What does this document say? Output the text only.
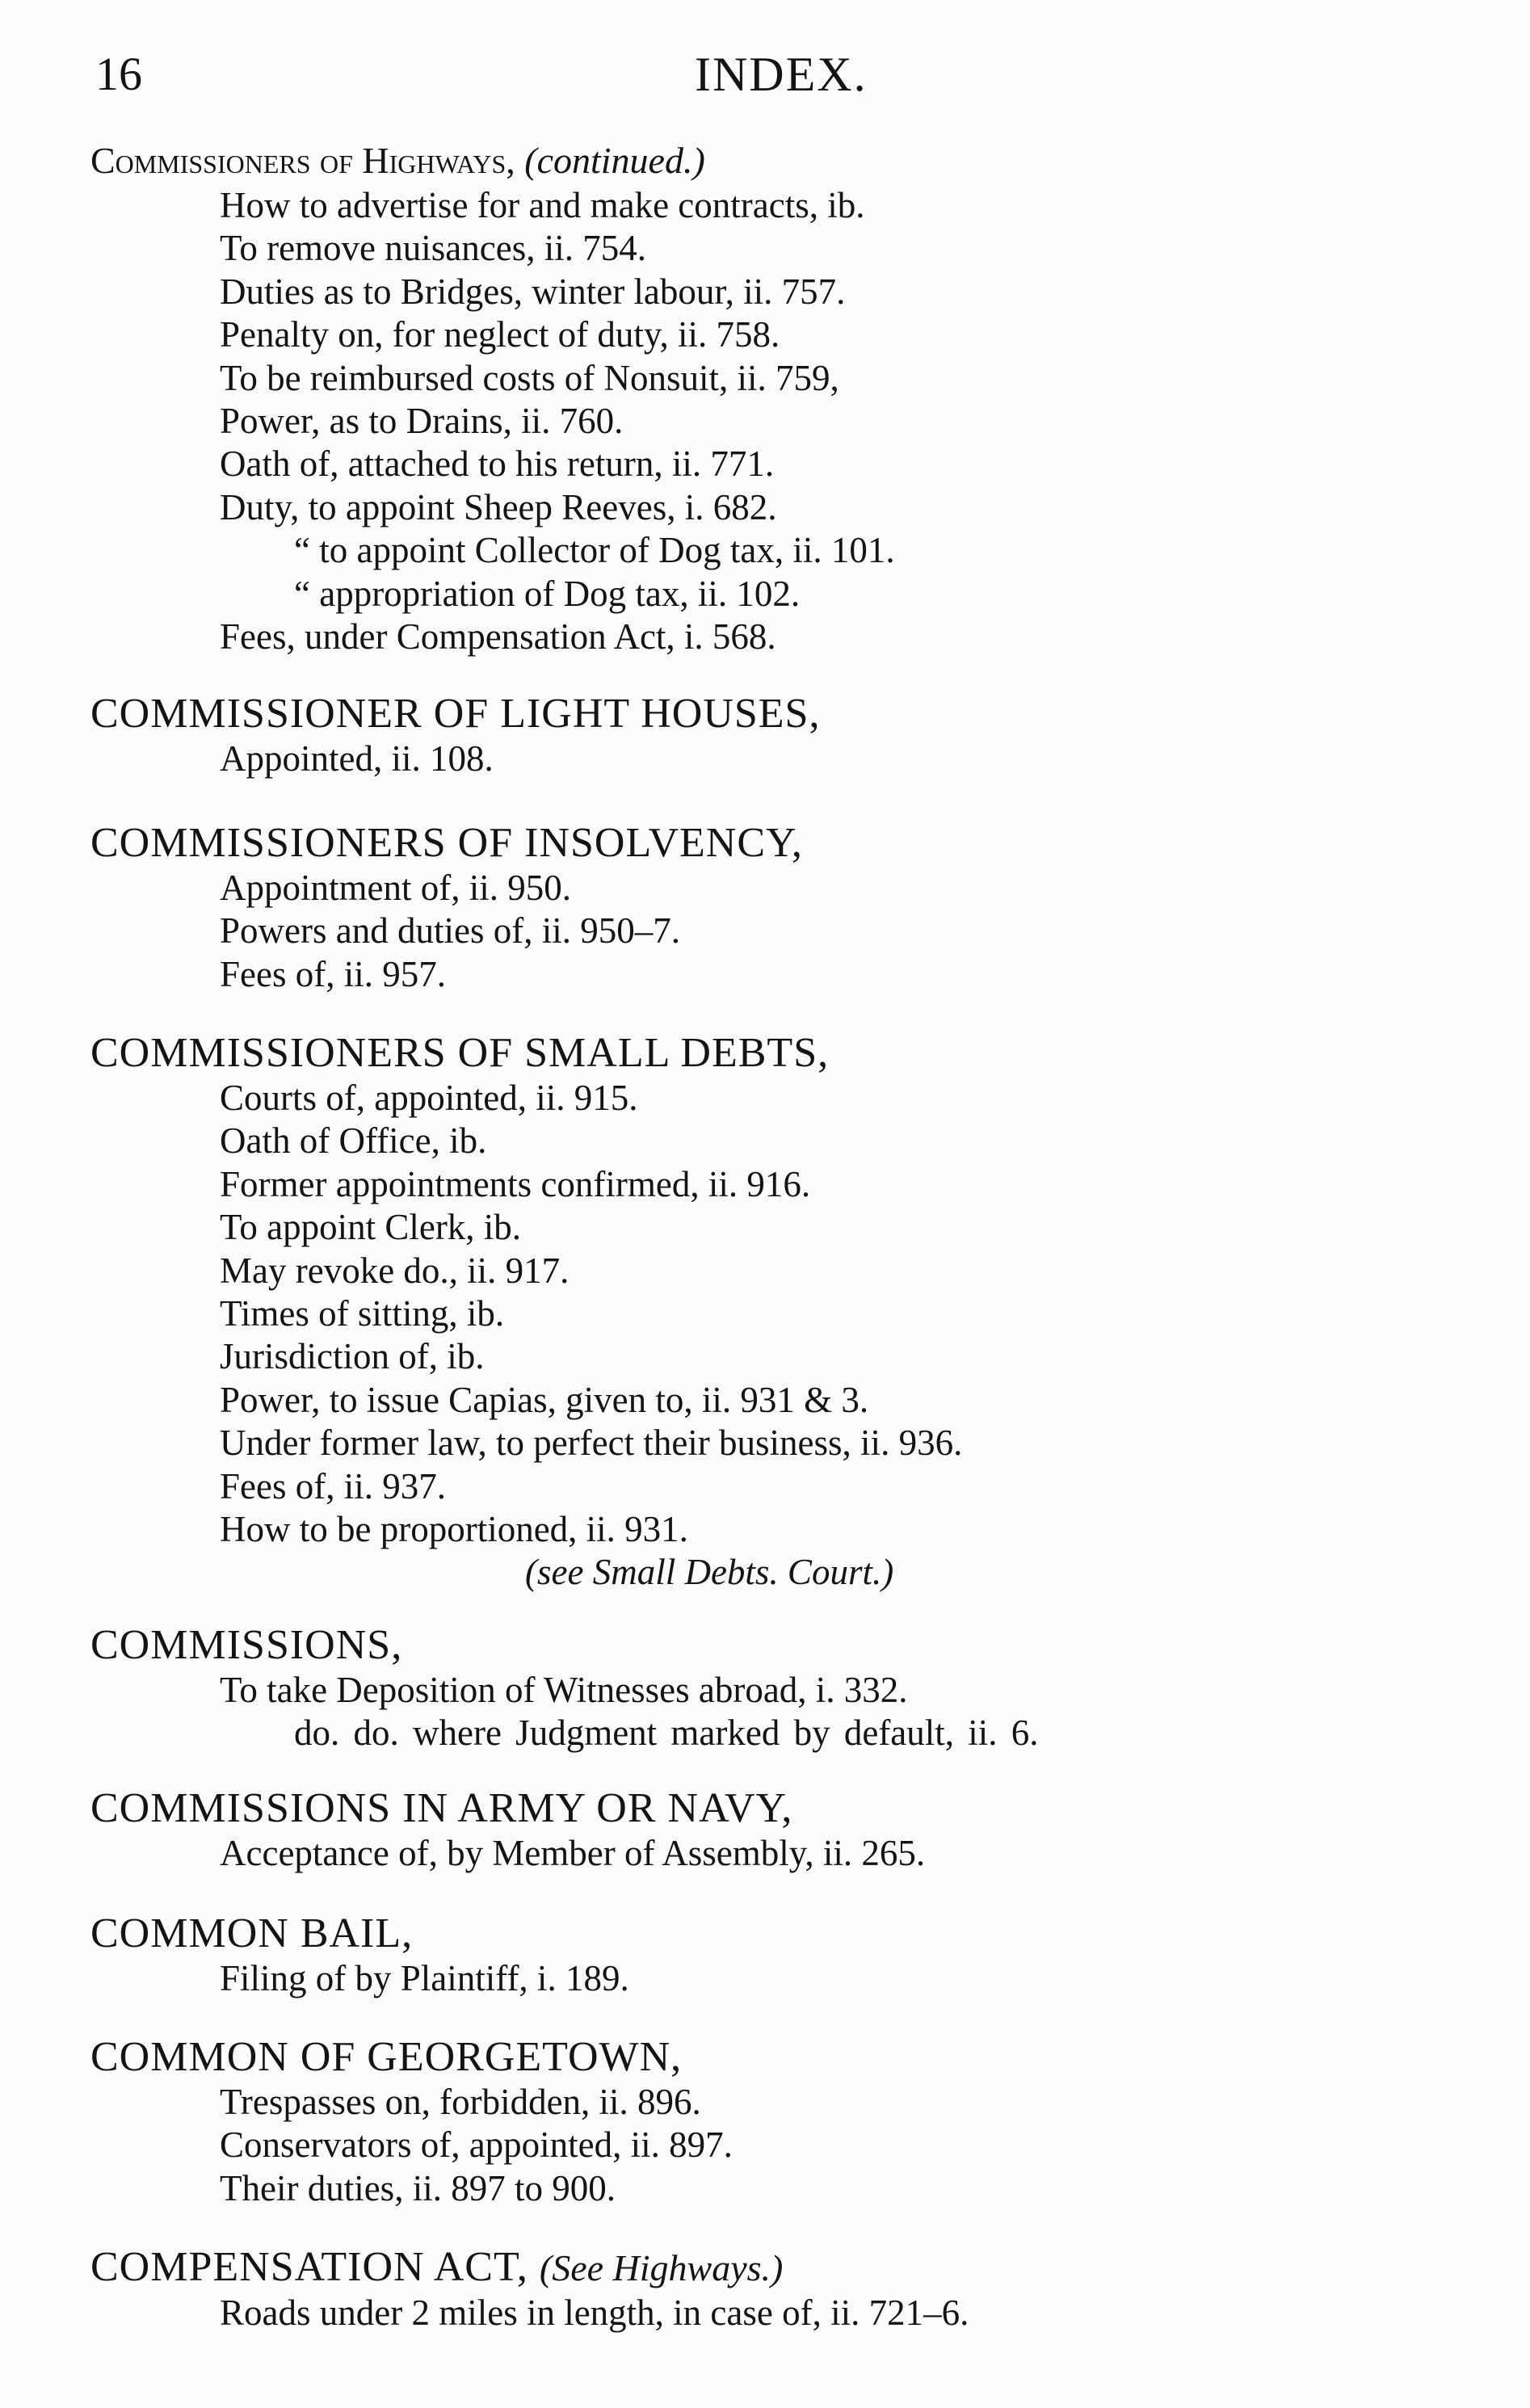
16	INDEX.
Commissioners of Highways, (continued.)
How to advertise for and make contracts, ib.
To remove nuisances, ii. 754.
Duties as to Bridges, winter labour, ii. 757.
Penalty on, for neglect of duty, ii. 758.
To be reimbursed costs of Nonsuit, ii. 759,
Power, as to Drains, ii. 760.
Oath of, attached to his return, ii. 771.
Duty, to appoint Sheep Reeves, i. 682.
“ to appoint Collector of Dog tax, ii. 101.
“ appropriation of Dog tax, ii. 102.
Fees, under Compensation Act, i. 568.
COMMISSIONER OF LIGHT HOUSES,
Appointed, ii. 108.
COMMISSIONERS OF INSOLVENCY,
Appointment of, ii. 950.
Powers and duties of, ii. 950–7.
Fees of, ii. 957.
COMMISSIONERS OF SMALL DEBTS,
Courts of, appointed, ii. 915.
Oath of Office, ib.
Former appointments confirmed, ii. 916.
To appoint Clerk, ib.
May revoke do., ii. 917.
Times of sitting, ib.
Jurisdiction of, ib.
Power, to issue Capias, given to, ii. 931 & 3.
Under former law, to perfect their business, ii. 936.
Fees of, ii. 937.
How to be proportioned, ii. 931.
(see Small Debts. Court.)
COMMISSIONS,
To take Deposition of Witnesses abroad, i. 332.
do. do. where Judgment marked by default, ii. 6.
COMMISSIONS IN ARMY OR NAVY,
Acceptance of, by Member of Assembly, ii. 265.
COMMON BAIL,
Filing of by Plaintiff, i. 189.
COMMON OF GEORGETOWN,
Trespasses on, forbidden, ii. 896.
Conservators of, appointed, ii. 897.
Their duties, ii. 897 to 900.
COMPENSATION ACT, (See Highways.)
Roads under 2 miles in length, in case of, ii. 721–6.
